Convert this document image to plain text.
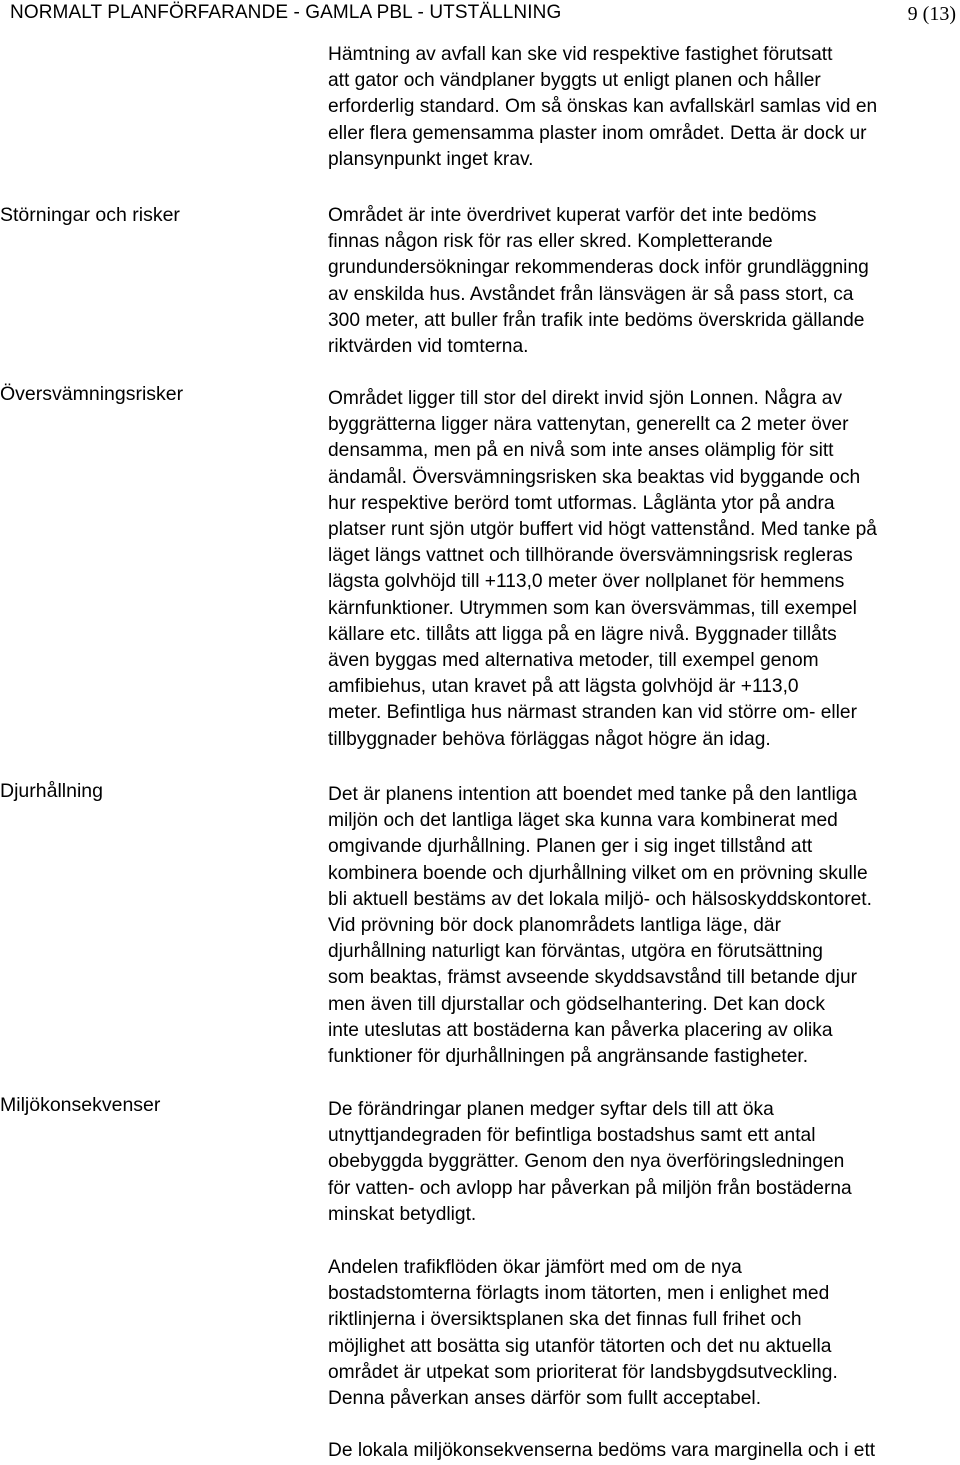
NORMALT PLANFÖRFARANDE - GAMLA PBL - UTSTÄLLNING	9 (13)
Störningar och risker
Översvämningsrisker
Djurhållning
Miljökonsekvenser
Hämtning av avfall kan ske vid respektive fastighet förutsatt
att gator och vändplaner byggts ut enligt planen och håller
erforderlig standard. Om så önskas kan avfallskärl samlas vid en
eller flera gemensamma plaster inom området. Detta är dock ur
plansynpunkt inget krav.
Området är inte överdrivet kuperat varför det inte bedöms
finnas någon risk för ras eller skred. Kompletterande
grundundersökningar rekommenderas dock inför grundläggning
av enskilda hus. Avståndet från länsvägen är så pass stort, ca
300 meter, att buller från trafik inte bedöms överskrida gällande
riktvärden vid tomterna.
Området ligger till stor del direkt invid sjön Lonnen. Några av
byggrätterna ligger nära vattenytan, generellt ca 2 meter över
densamma, men på en nivå som inte anses olämplig för sitt
ändamål. Översvämningsrisken ska beaktas vid byggande och
hur respektive berörd tomt utformas. Låglänta ytor på andra
platser runt sjön utgör buffert vid högt vattenstånd. Med tanke på
läget längs vattnet och tillhörande översvämningsrisk regleras
lägsta golvhöjd till +113,0 meter över nollplanet för hemmens
kärnfunktioner. Utrymmen som kan översvämmas, till exempel
källare etc. tillåts att ligga på en lägre nivå. Byggnader tillåts
även byggas med alternativa metoder, till exempel genom
amfibiehus, utan kravet på att lägsta golvhöjd är +113,0
meter. Befintliga hus närmast stranden kan vid större om- eller
tillbyggnader behöva förläggas något högre än idag.
Det är planens intention att boendet med tanke på den lantliga
miljön och det lantliga läget ska kunna vara kombinerat med
omgivande djurhållning. Planen ger i sig inget tillstånd att
kombinera boende och djurhållning vilket om en prövning skulle
bli aktuell bestäms av det lokala miljö- och hälsoskyddskontoret.
Vid prövning bör dock planområdets lantliga läge, där
djurhållning naturligt kan förväntas, utgöra en förutsättning
som beaktas, främst avseende skyddsavstånd till betande djur
men även till djurstallar och gödselhantering. Det kan dock
inte uteslutas att bostäderna kan påverka placering av olika
funktioner för djurhållningen på angränsande fastigheter.
De förändringar planen medger syftar dels till att öka
utnyttjandegraden för befintliga bostadshus samt ett antal
obebyggda byggrätter. Genom den nya överföringsledningen
för vatten- och avlopp har påverkan på miljön från bostäderna
minskat betydligt.
Andelen trafikflöden ökar jämfört med om de nya
bostadstomterna förlagts inom tätorten, men i enlighet med
riktlinjerna i översiktsplanen ska det finnas full frihet och
möjlighet att bosätta sig utanför tätorten och det nu aktuella
området är utpekat som prioriterat för landsbygdsutveckling.
Denna påverkan anses därför som fullt acceptabel.
De lokala miljökonsekvenserna bedöms vara marginella och i ett
